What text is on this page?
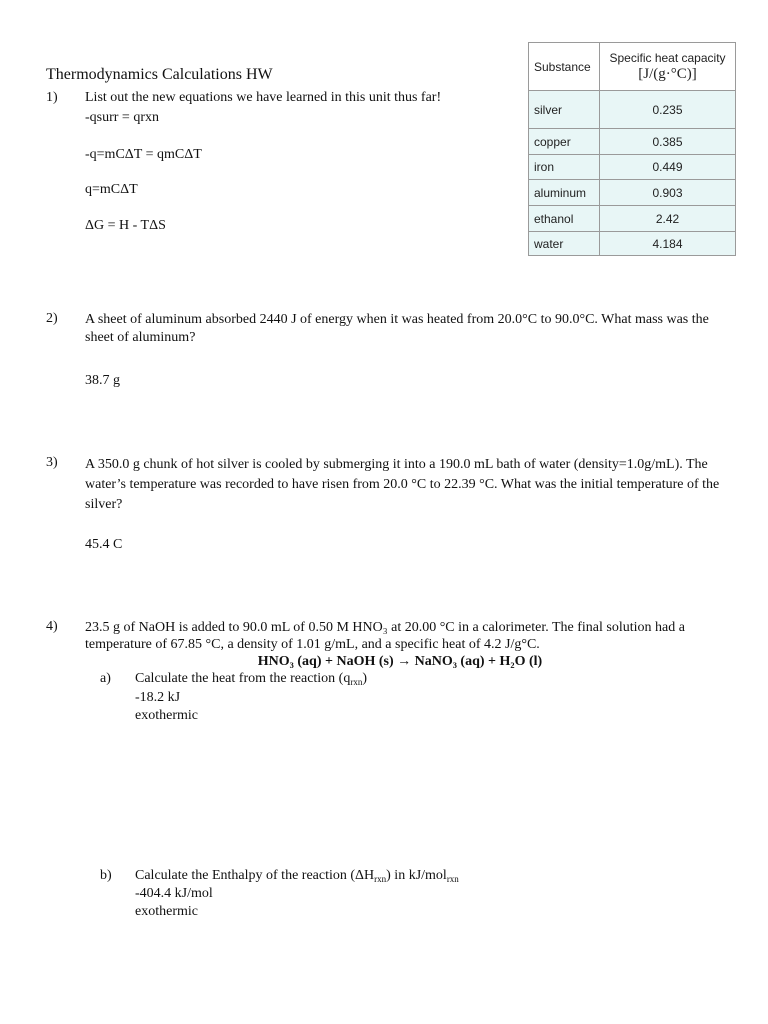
Thermodynamics Calculations HW	Substance	Specific heat capacity
[J/(g·°C)]

silver	0.235
copper	0.385
iron	0.449
aluminum	0.903
ethanol	2.42
water	4.184
1)	List out the new equations we have learned in this unit thus far!
-qsurr = qrxn
-q=mCΔT = qmCΔT
q=mCΔT
ΔG = H - TΔS
2)	A sheet of aluminum absorbed 2440 J of energy when it was heated from 20.0°C to 90.0°C. What mass was the sheet of aluminum?
38.7 g
3)	A 350.0 g chunk of hot silver is cooled by submerging it into a 190.0 mL bath of water (density=1.0g/mL). The water’s temperature was recorded to have risen from 20.0 °C to 22.39 °C. What was the initial temperature of the silver?
45.4 C
4)	23.5 g of NaOH is added to 90.0 mL of 0.50 M HNO₃ at 20.00 °C in a calorimeter. The final solution had a temperature of 67.85 °C, a density of 1.01 g/mL, and a specific heat of 4.2 J/g°C.
HNO₃ (aq) + NaOH (s) → NaNO₃ (aq) + H₂O (l)
a) Calculate the heat from the reaction $(q_{rxn})$
-18.2 kJ
exothermic
b) Calculate the Enthalpy of the reaction $(\Delta H_{rxn})$ in kJ/mol$_{rxn}$
-404.4 kJ/mol
exothermic
